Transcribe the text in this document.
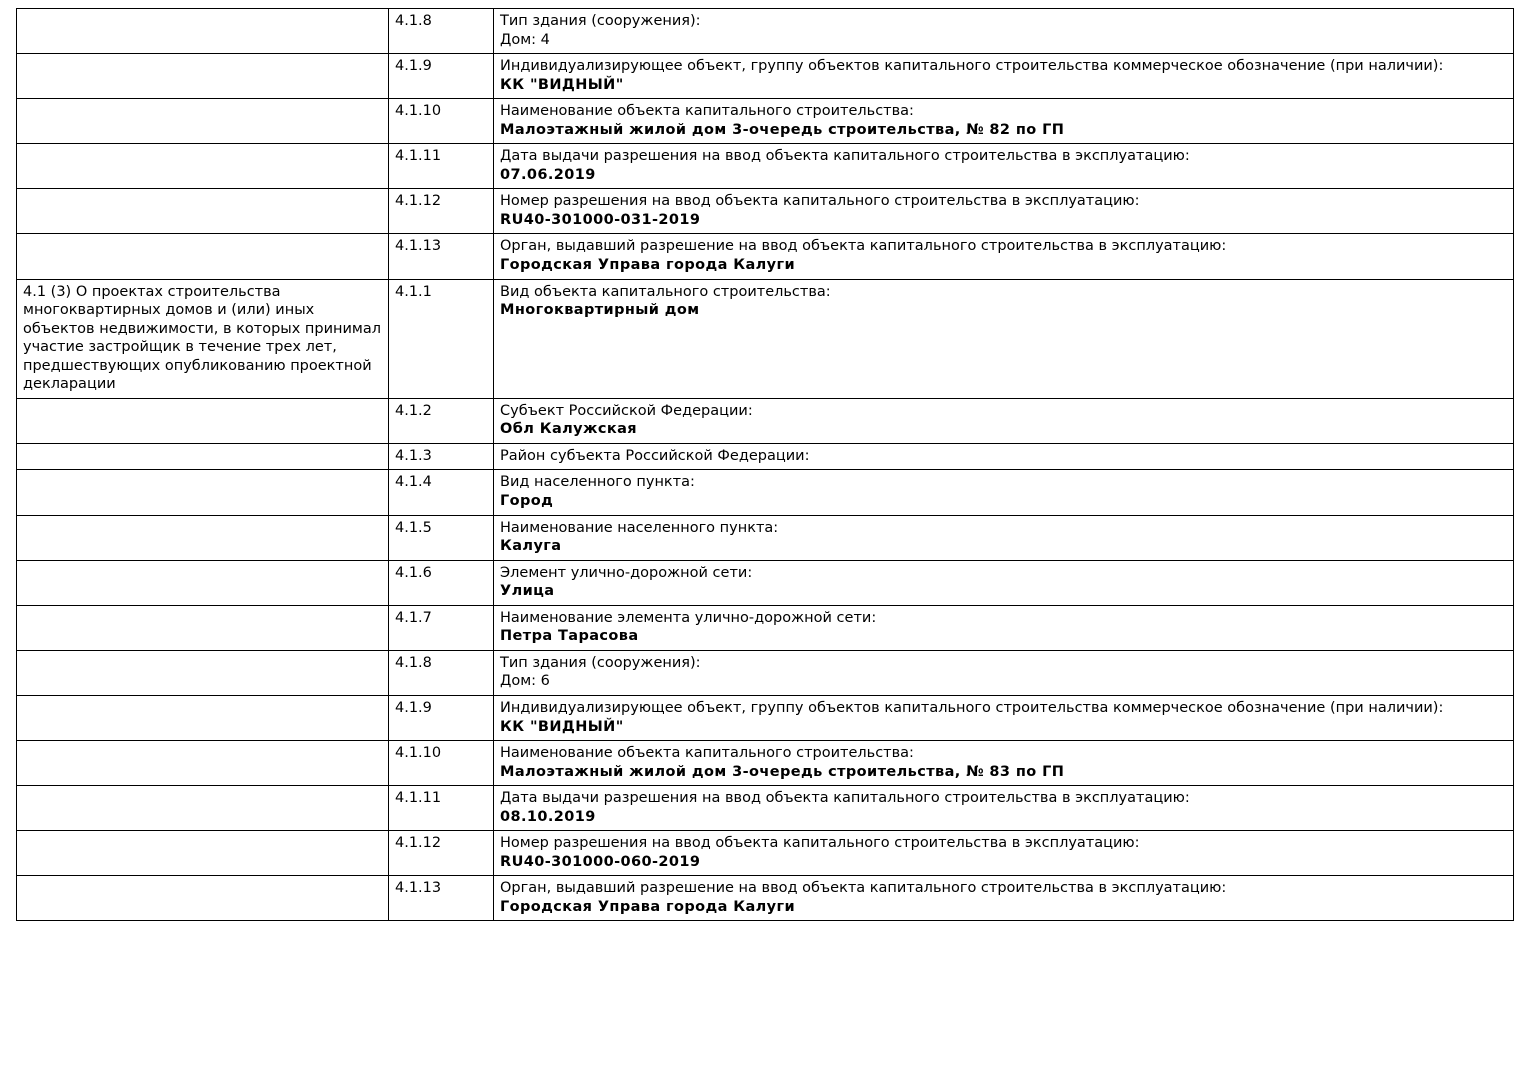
	4.1.8	Тип здания (сооружения):
Дом: 4

	4.1.9	Индивидуализирующее объект, группу объектов капитального строительства коммерческое обозначение (при наличии):
КК "ВИДНЫЙ"

	4.1.10	Наименование объекта капитального строительства:
Малоэтажный жилой дом 3-очередь строительства, № 82 по ГП

	4.1.11	Дата выдачи разрешения на ввод объекта капитального строительства в эксплуатацию:
07.06.2019

	4.1.12	Номер разрешения на ввод объекта капитального строительства в эксплуатацию:
RU40-301000-031-2019

	4.1.13	Орган, выдавший разрешение на ввод объекта капитального строительства в эксплуатацию:
Городская Управа города Калуги

4.1 (3) О проектах строительства многоквартирных домов и (или) иных объектов недвижимости, в которых принимал участие застройщик в течение трех лет, предшествующих опубликованию проектной декларации	4.1.1	Вид объекта капитального строительства:
Многоквартирный дом

	4.1.2	Субъект Российской Федерации:
Обл Калужская

	4.1.3	Район субъекта Российской Федерации:

	4.1.4	Вид населенного пункта:
Город

	4.1.5	Наименование населенного пункта:
Калуга

	4.1.6	Элемент улично-дорожной сети:
Улица

	4.1.7	Наименование элемента улично-дорожной сети:
Петра Тарасова

	4.1.8	Тип здания (сооружения):
Дом: 6

	4.1.9	Индивидуализирующее объект, группу объектов капитального строительства коммерческое обозначение (при наличии):
КК "ВИДНЫЙ"

	4.1.10	Наименование объекта капитального строительства:
Малоэтажный жилой дом 3-очередь строительства, № 83 по ГП

	4.1.11	Дата выдачи разрешения на ввод объекта капитального строительства в эксплуатацию:
08.10.2019

	4.1.12	Номер разрешения на ввод объекта капитального строительства в эксплуатацию:
RU40-301000-060-2019

	4.1.13	Орган, выдавший разрешение на ввод объекта капитального строительства в эксплуатацию:
Городская Управа города Калуги
